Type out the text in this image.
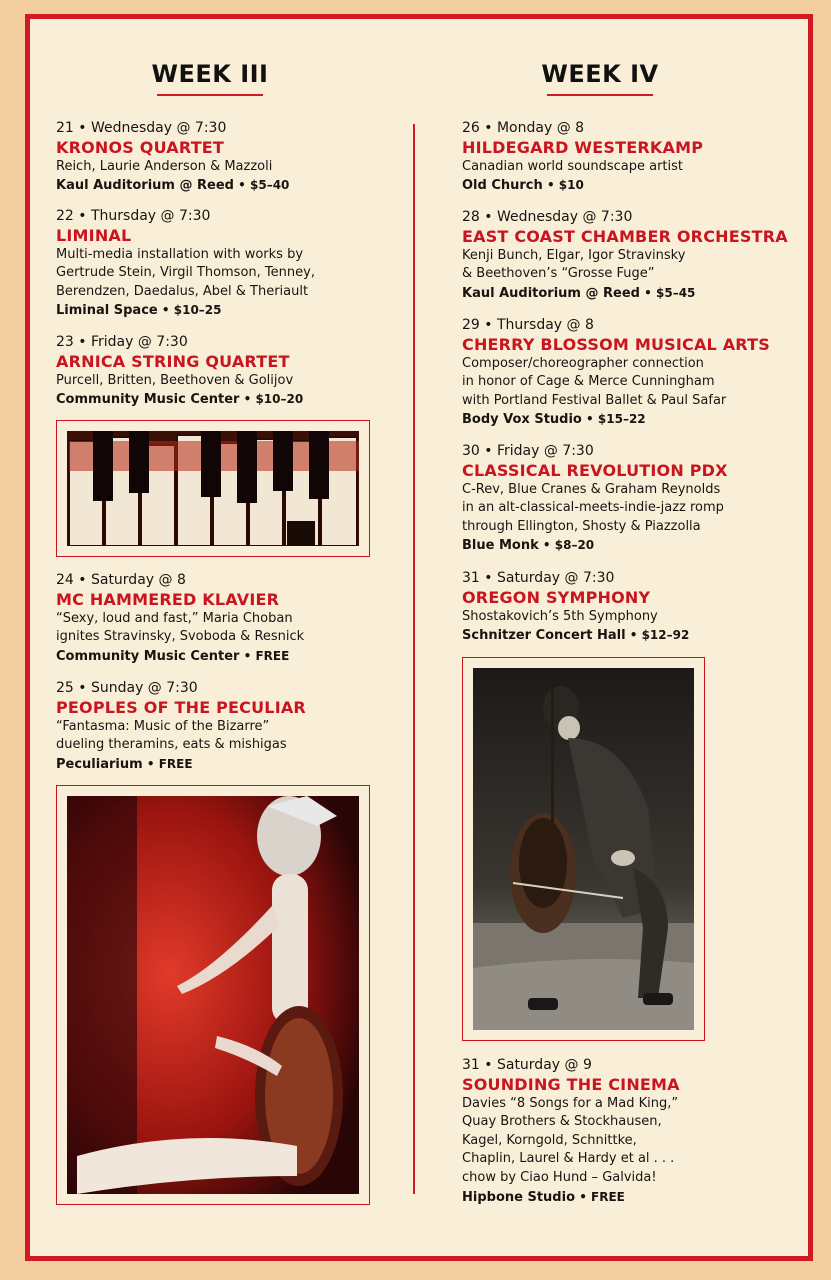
WEEK III	WEEK IV
21 • Wednesday @ 7:30
KRONOS QUARTET
Reich, Laurie Anderson & Mazzoli
Kaul Auditorium @ Reed • $5–40
22 • Thursday @ 7:30
LIMINAL
Multi-media installation with works by
Gertrude Stein, Virgil Thomson, Tenney,
Berendzen, Daedalus, Abel & Theriault
Liminal Space • $10–25
23 • Friday @ 7:30
ARNICA STRING QUARTET
Purcell, Britten, Beethoven & Golijov
Community Music Center • $10–20
24 • Saturday @ 8
MC HAMMERED KLAVIER
“Sexy, loud and fast,” Maria Choban
ignites Stravinsky, Svoboda & Resnick
Community Music Center • FREE
25 • Sunday @ 7:30
PEOPLES OF THE PECULIAR
“Fantasma: Music of the Bizarre”
dueling theramins, eats & mishigas
Peculiarium • FREE
26 • Monday @ 8
HILDEGARD WESTERKAMP
Canadian world soundscape artist
Old Church • $10
28 • Wednesday @ 7:30
EAST COAST CHAMBER ORCHESTRA
Kenji Bunch, Elgar, Igor Stravinsky
& Beethoven’s “Grosse Fuge”
Kaul Auditorium @ Reed • $5–45
29 • Thursday @ 8
CHERRY BLOSSOM MUSICAL ARTS
Composer/choreographer connection
in honor of Cage & Merce Cunningham
with Portland Festival Ballet & Paul Safar
Body Vox Studio • $15–22
30 • Friday @ 7:30
CLASSICAL REVOLUTION PDX
C-Rev, Blue Cranes & Graham Reynolds
in an alt-classical-meets-indie-jazz romp
through Ellington, Shosty & Piazzolla
Blue Monk • $8–20
31 • Saturday @ 7:30
OREGON SYMPHONY
Shostakovich’s 5th Symphony
Schnitzer Concert Hall • $12–92
31 • Saturday @ 9
SOUNDING THE CINEMA
Davies “8 Songs for a Mad King,”
Quay Brothers & Stockhausen,
Kagel, Korngold, Schnittke,
Chaplin, Laurel & Hardy et al . . .
chow by Ciao Hund – Galvida!
Hipbone Studio • FREE
